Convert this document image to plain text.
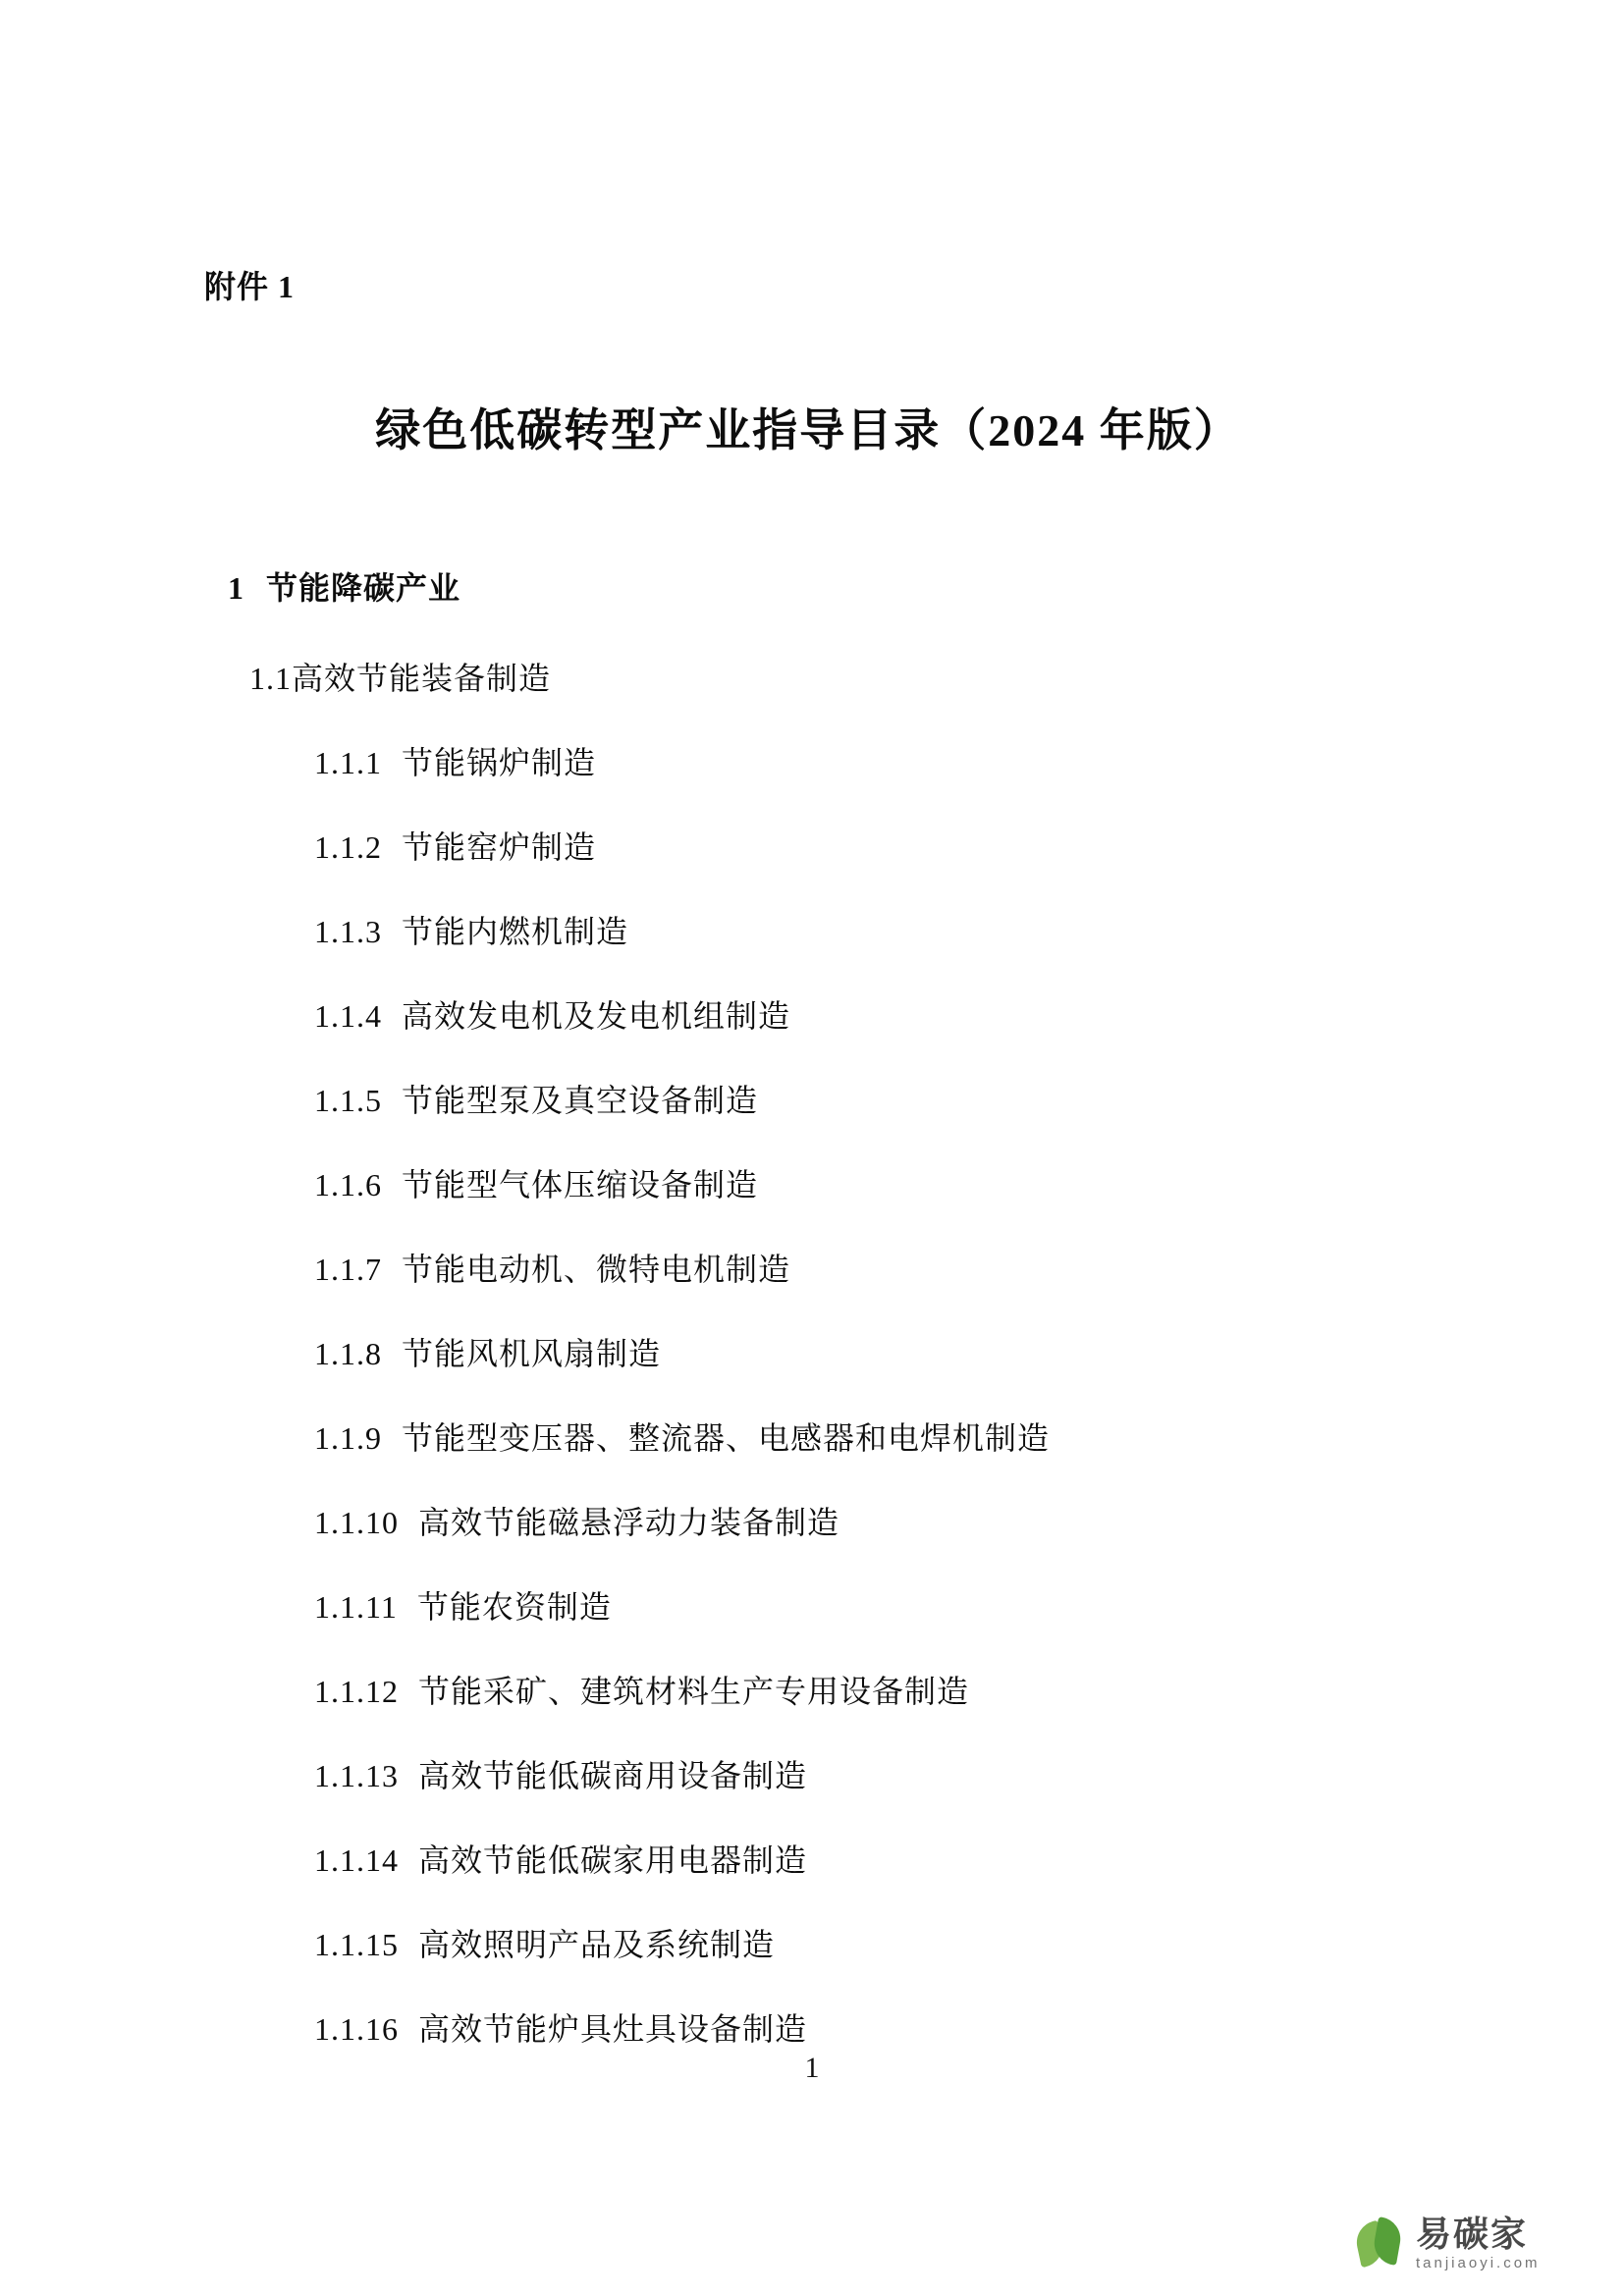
附件 1
绿色低碳转型产业指导目录（2024 年版）
1 节能降碳产业
1.1高效节能装备制造
1.1.1 节能锅炉制造
1.1.2 节能窑炉制造
1.1.3 节能内燃机制造
1.1.4 高效发电机及发电机组制造
1.1.5 节能型泵及真空设备制造
1.1.6 节能型气体压缩设备制造
1.1.7 节能电动机、微特电机制造
1.1.8 节能风机风扇制造
1.1.9 节能型变压器、整流器、电感器和电焊机制造
1.1.10 高效节能磁悬浮动力装备制造
1.1.11 节能农资制造
1.1.12 节能采矿、建筑材料生产专用设备制造
1.1.13 高效节能低碳商用设备制造
1.1.14 高效节能低碳家用电器制造
1.1.15 高效照明产品及系统制造
1.1.16 高效节能炉具灶具设备制造
1
易碳家
tanjiaoyi.com
